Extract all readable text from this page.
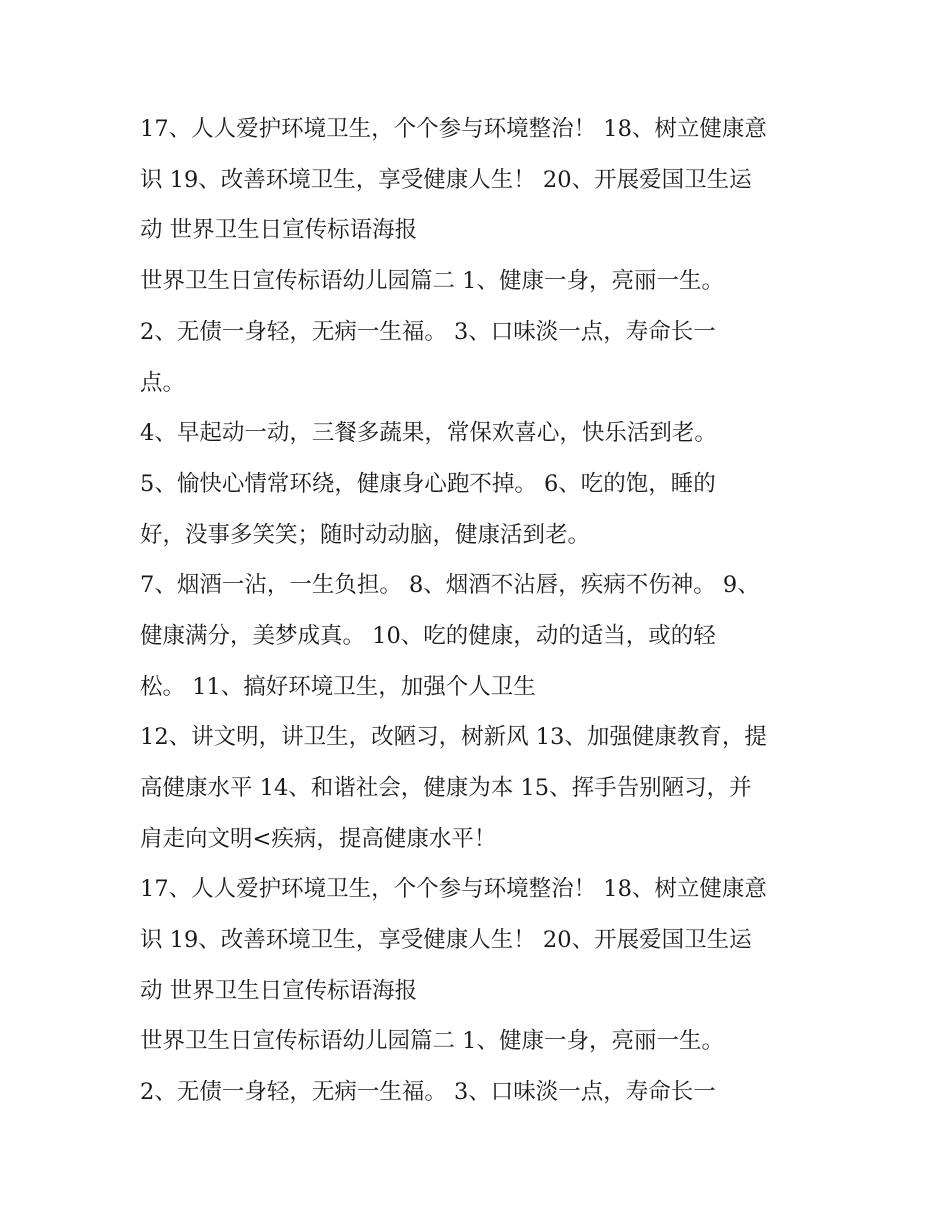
17、人人爱护环境卫生，个个参与环境整治！ 18、树立健康意
识 19、改善环境卫生，享受健康人生！ 20、开展爱国卫生运
动 世界卫生日宣传标语海报
世界卫生日宣传标语幼儿园篇二 1、健康一身，亮丽一生。
2、无债一身轻，无病一生福。 3、口味淡一点，寿命长一
点。
4、早起动一动，三餐多蔬果，常保欢喜心，快乐活到老。
5、愉快心情常环绕，健康身心跑不掉。 6、吃的饱，睡的
好，没事多笑笑；随时动动脑，健康活到老。
7、烟酒一沾，一生负担。 8、烟酒不沾唇，疾病不伤神。 9、
健康满分，美梦成真。 10、吃的健康，动的适当，或的轻
松。 11、搞好环境卫生，加强个人卫生
12、讲文明，讲卫生，改陋习，树新风 13、加强健康教育，提
高健康水平 14、和谐社会，健康为本 15、挥手告别陋习，并
肩走向文明<疾病，提高健康水平！
17、人人爱护环境卫生，个个参与环境整治！ 18、树立健康意
识 19、改善环境卫生，享受健康人生！ 20、开展爱国卫生运
动 世界卫生日宣传标语海报
世界卫生日宣传标语幼儿园篇二 1、健康一身，亮丽一生。
2、无债一身轻，无病一生福。 3、口味淡一点，寿命长一
